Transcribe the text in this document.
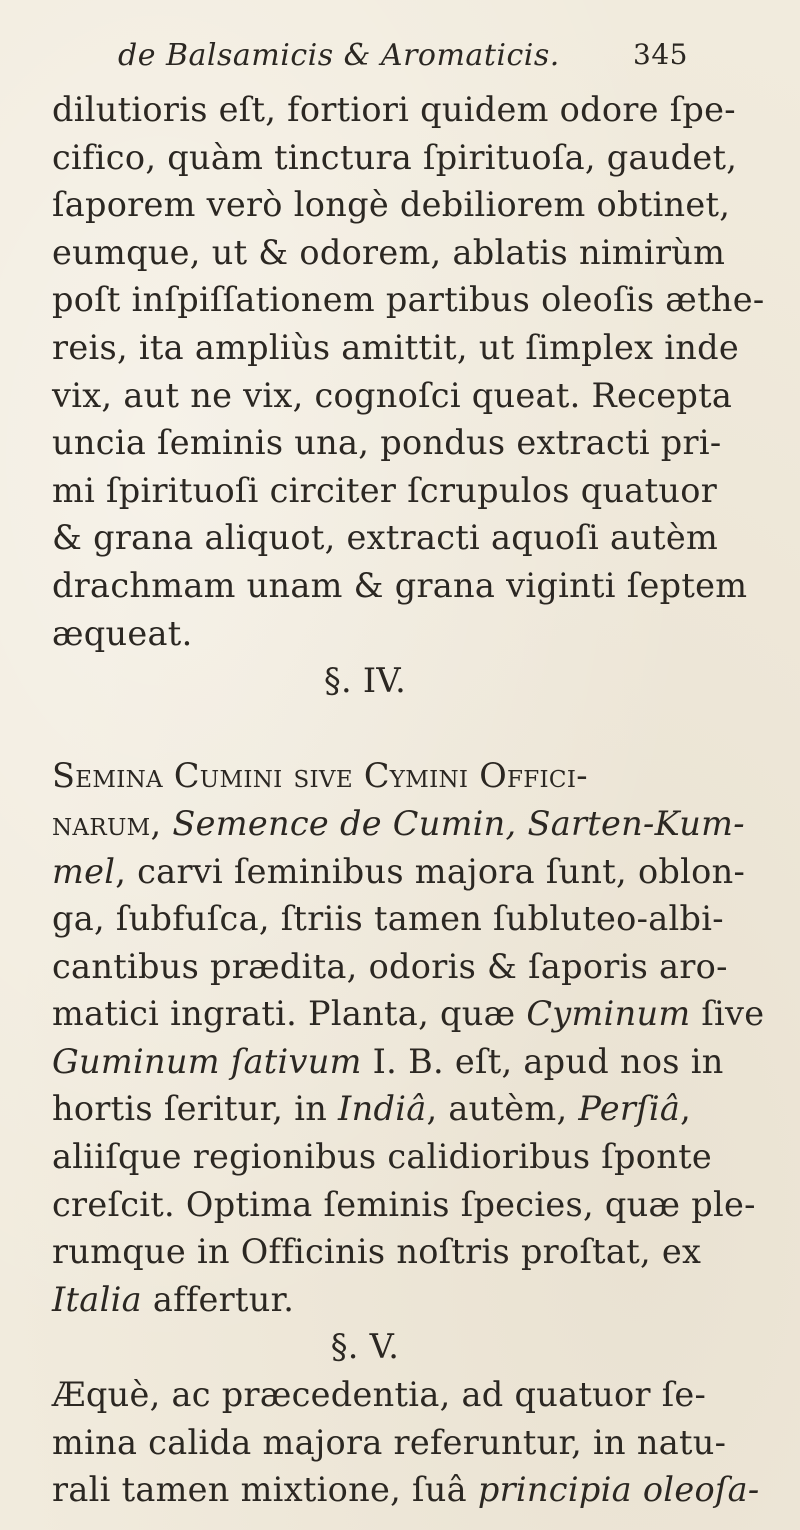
de Balsamicis & Aromaticis.	345
dilutioris eſt, fortiori quidem odore ſpe-
cifico, quàm tinctura ſpirituoſa, gaudet,
ſaporem verò longè debiliorem obtinet,
eumque, ut & odorem, ablatis nimirùm
poſt inſpiſſationem partibus oleoſis æthe-
reis, ita ampliùs amittit, ut ſimplex inde
vix, aut ne vix, cognoſci queat. Recepta
uncia ſeminis una, pondus extracti pri-
mi ſpirituoſi circiter ſcrupulos quatuor
& grana aliquot, extracti aquoſi autèm
drachmam unam & grana viginti ſeptem
æqueat.
§. IV.
Semina Cumini ſive Cymini Offici-
narum, Semence de Cumin, Sarten-Kum-
mel, carvi ſeminibus majora ſunt, oblon-
ga, ſubfuſca, ſtriis tamen ſubluteo-albi-
cantibus prædita, odoris & ſaporis aro-
matici ingrati. Planta, quæ Cyminum ſive
Guminum ſativum I. B. eſt, apud nos in
hortis ſeritur, in Indiâ, autèm, Perſiâ,
aliiſque regionibus calidioribus ſponte
creſcit. Optima ſeminis ſpecies, quæ ple-
rumque in Officinis noſtris proſtat, ex
Italia affertur.
§. V.
Æquè, ac præcedentia, ad quatuor ſe-
mina calida majora referuntur, in natu-
rali tamen mixtione, ſuâ principia oleoſa-
